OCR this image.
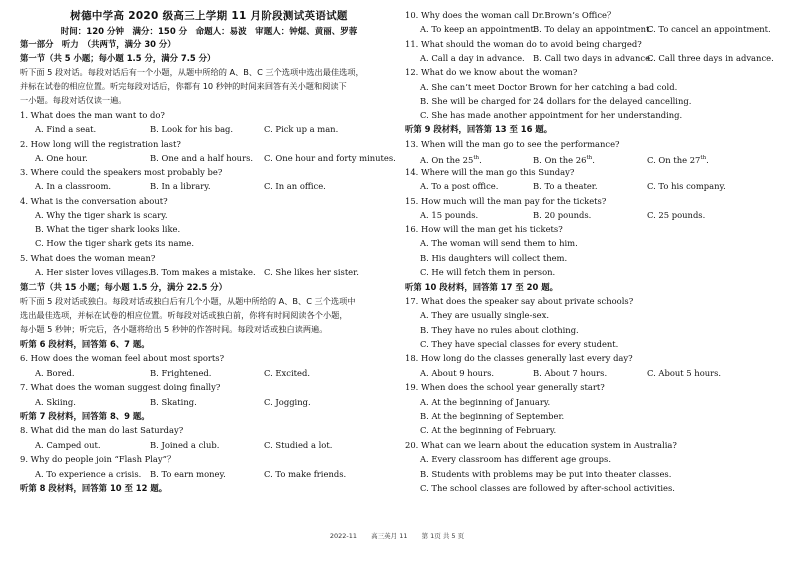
树德中学高 2020 级高三上学期 11 月阶段测试英语试题
时间：120 分钟　满分：150 分　命题人：易波　审题人：钟焜、黄丽、罗蓉
第一部分　听力　（共两节，满分 30 分）
第一节（共 5 小题；每小题 1.5 分，满分 7.5 分）
听下面 5 段对话。每段对话后有一个小题，从题中所给的 A、B、C 三个选项中选出最佳选项，
并标在试卷的相应位置。听完每段对话后，你都有 10 秒钟的时间来回答有关小题和阅读下
一小题。每段对话仅读一遍。
1. What does the man want to do?
A. Find a seat.	B. Look for his bag.	C. Pick up a man.
2. How long will the registration last?
A. One hour.	B. One and a half hours. C. One hour and forty minutes.
3. Where could the speakers most probably be?
A. In a classroom.	B. In a library.	C. In an office.
4. What is the conversation about?
A. Why the tiger shark is scary.
B. What the tiger shark looks like.
C. How the tiger shark gets its name.
5. What does the woman mean?
A. Her sister loves villages. B. Tom makes a mistake. C. She likes her sister.
第二节（共 15 小题；每小题 1.5 分，满分 22.5 分）
听下面 5 段对话或独白。每段对话或独白后有几个小题，从题中所给的 A、B、C 三个选项中
选出最佳选项，并标在试卷的相应位置。听每段对话或独白前，你将有时间阅读各个小题，
每小题 5 秒钟；听完后，各小题将给出 5 秒钟的作答时间。每段对话或独白读两遍。
听第 6 段材料，回答第 6、7 题。
6. How does the woman feel about most sports?
A. Bored.	B. Frightened.	C. Excited.
7. What does the woman suggest doing finally?
A. Skiing.	B. Skating.	C. Jogging.
听第 7 段材料，回答第 8、9 题。
8. What did the man do last Saturday?
A. Camped out.	B. Joined a club.	C. Studied a lot.
9. Why do people join “Flash Play”？
A. To experience a crisis. B. To earn money.	C. To make friends.
听第 8 段材料，回答第 10 至 12 题。
10. Why does the woman call Dr.Brown’s Office？
A. To keep an appointment.
B. To delay an appointment.
C. To cancel an appointment.
11. What should the woman do to avoid being charged?
A. Call a day in advance. B. Call two days in advance.
C. Call three days in advance.
12. What do we know about the woman?
A. She can’t meet Doctor Brown for her catching a bad cold.
B. She will be charged for 24 dollars for the delayed cancelling.
C. She has made another appointment for her understanding.
听第 9 段材料，回答第 13 至 16 题。
13. When will the man go to see the performance?
A. On the 25th.	B. On the 26th.	C. On the 27th.
14. Where will the man go this Sunday?
A. To a post office.	B. To a theater.	C. To his company.
15. How much will the man pay for the tickets?
A. 15 pounds.	B. 20 pounds.	C. 25 pounds.
16. How will the man get his tickets?
A. The woman will send them to him.
B. His daughters will collect them.
C. He will fetch them in person.
听第 10 段材料，回答第 17 至 20 题。
17. What does the speaker say about private schools?
A. They are usually single-sex.
B. They have no rules about clothing.
C. They have special classes for every student.
18. How long do the classes generally last every day?
A. About 9 hours.	B. About 7 hours.	C. About 5 hours.
19. When does the school year generally start?
A. At the beginning of January.
B. At the beginning of September.
C. At the beginning of February.
20. What can we learn about the education system in Australia?
A. Every classroom has different age groups.
B. Students with problems may be put into theater classes.
C. The school classes are followed by after-school activities.
2022-11 高三英月 11 第 1页 共 5 页
